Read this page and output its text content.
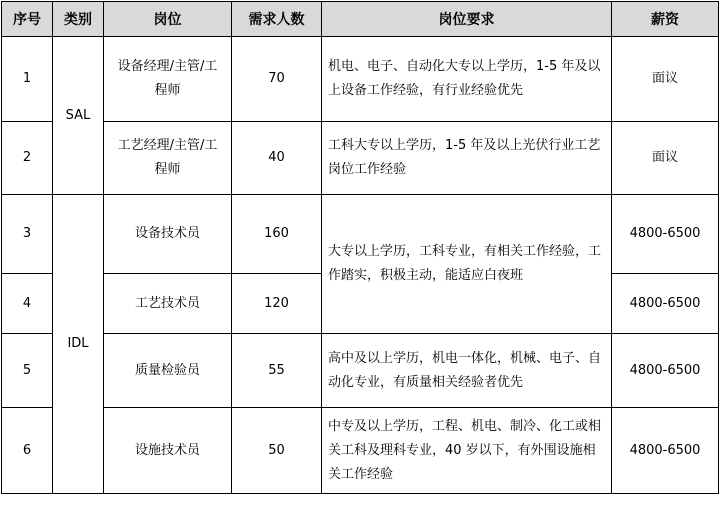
序号	类别	岗位	需求人数	岗位要求	薪资
1	SAL	设备经理/主管/工程师	70	机电、电子、自动化大专以上学历，1-5 年及以上设备工作经验，有行业经验优先	面议
2		工艺经理/主管/工程师	40	工科大专以上学历，1-5 年及以上光伏行业工艺岗位工作经验	面议
3	IDL	设备技术员	160	大专以上学历，工科专业，有相关工作经验，工作踏实，积极主动，能适应白夜班	4800-6500
4		工艺技术员	120		4800-6500
5		质量检验员	55	高中及以上学历，机电一体化，机械、电子、自动化专业，有质量相关经验者优先	4800-6500
6		设施技术员	50	中专及以上学历，工程、机电、制冷、化工或相关工科及理科专业，40 岁以下，有外围设施相关工作经验	4800-6500
